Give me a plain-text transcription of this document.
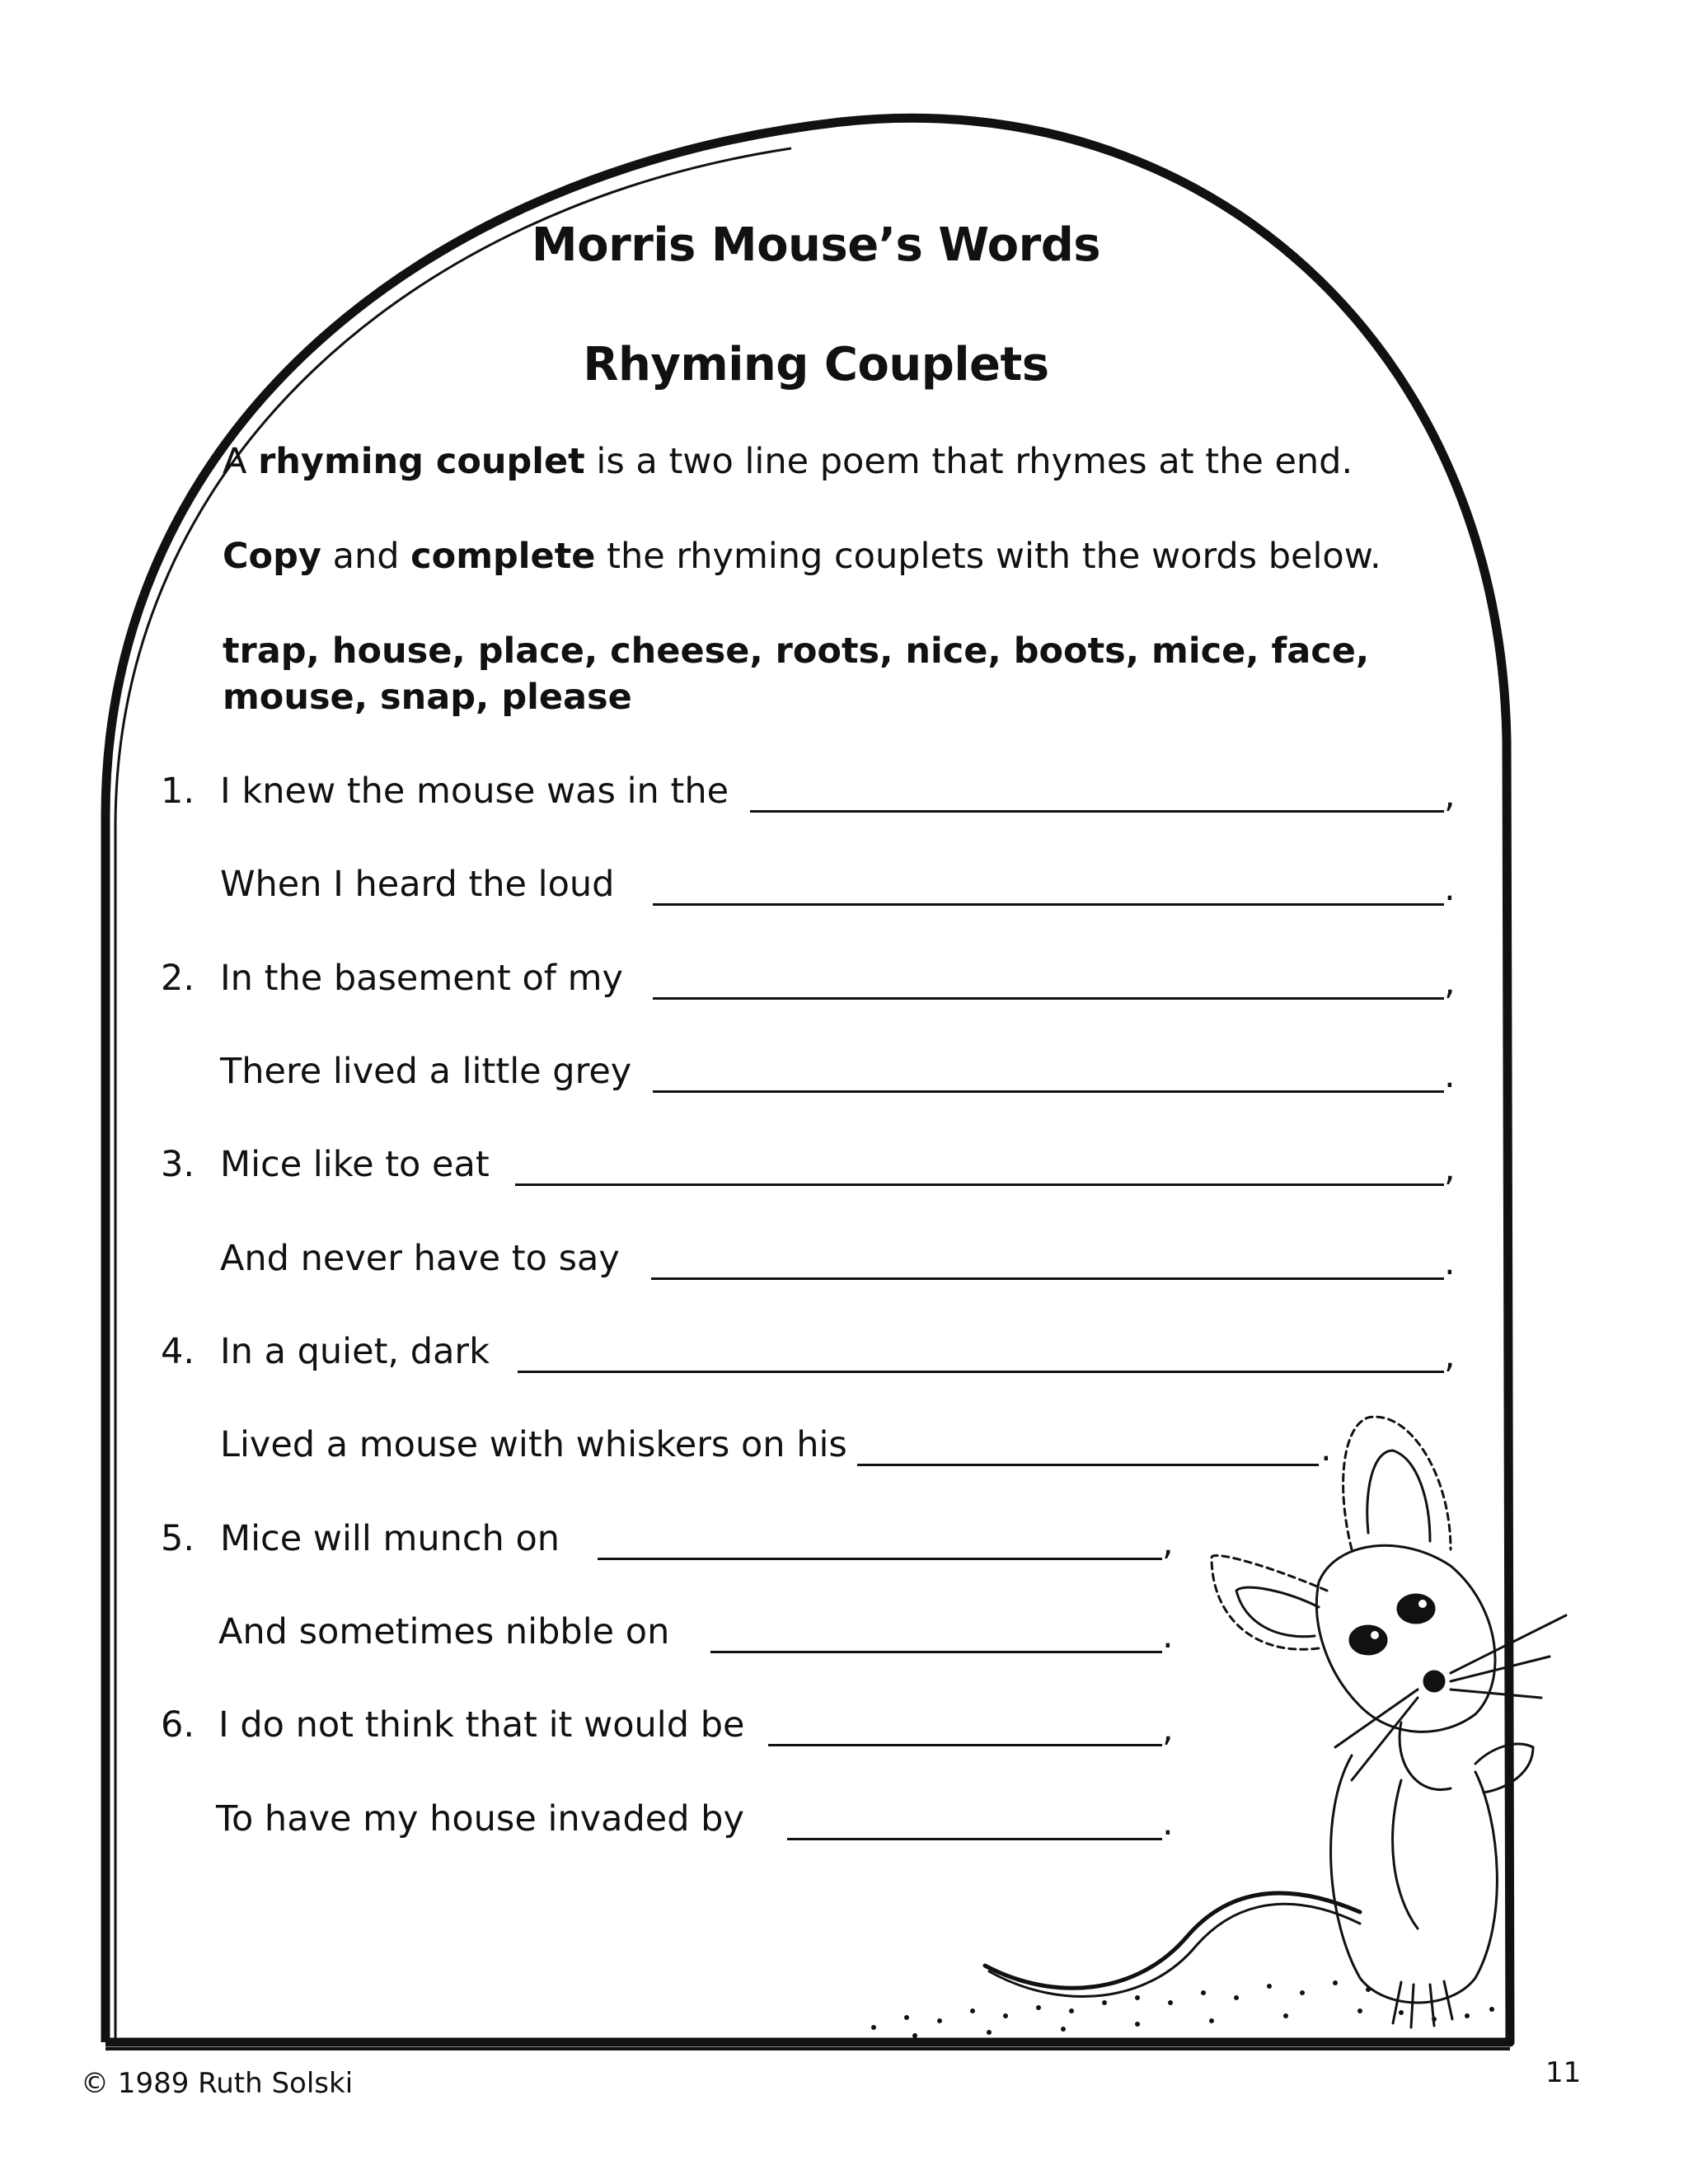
Morris Mouse’s Words
Rhyming Couplets
A rhyming couplet is a two line poem that rhymes at the end.
Copy and complete the rhyming couplets with the words below.
trap, house, place, cheese, roots, nice, boots, mice, face, mouse, snap, please
1. I knew the mouse was in the	,
When I heard the loud	.
2. In the basement of my	,
There lived a little grey	.
3. Mice like to eat	,
And never have to say	.
4. In a quiet, dark	,
Lived a mouse with whiskers on his	.
5. Mice will munch on	,
And sometimes nibble on	.
6. I do not think that it would be	,
To have my house invaded by	.
© 1989 Ruth Solski	11
